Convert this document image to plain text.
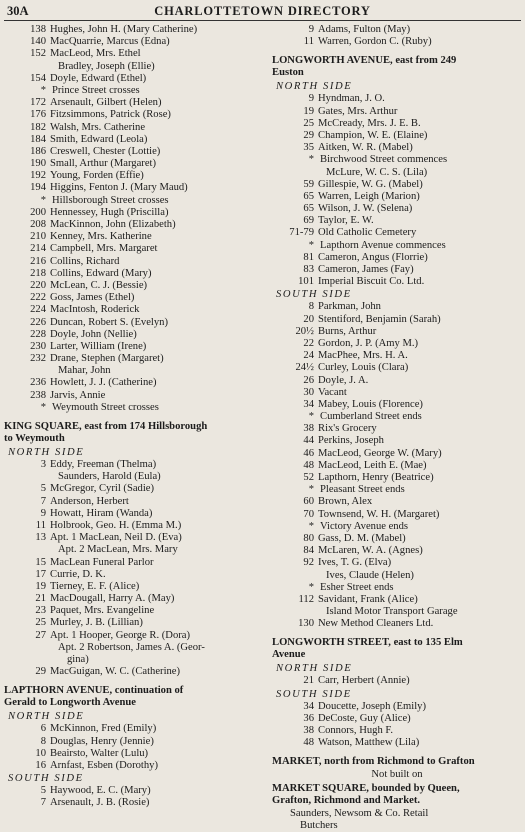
30A	CHARLOTTETOWN DIRECTORY
138 Hughes, John H. (Mary Catherine)
140 MacQuarrie, Marcus (Edna)
152 MacLeod, Mrs. Ethel
Bradley, Joseph (Ellie)
154 Doyle, Edward (Ethel)
* Prince Street crosses
172 Arsenault, Gilbert (Helen)
176 Fitzsimmons, Patrick (Rose)
182 Walsh, Mrs. Catherine
184 Smith, Edward (Leola)
186 Creswell, Chester (Lottie)
190 Small, Arthur (Margaret)
192 Young, Forden (Effie)
194 Higgins, Fenton J. (Mary Maud)
* Hillsborough Street crosses
200 Hennessey, Hugh (Priscilla)
208 MacKinnon, John (Elizabeth)
210 Kenney, Mrs. Katherine
214 Campbell, Mrs. Margaret
216 Collins, Richard
218 Collins, Edward (Mary)
220 McLean, C. J. (Bessie)
222 Goss, James (Ethel)
224 MacIntosh, Roderick
226 Duncan, Robert S. (Evelyn)
228 Doyle, John (Nellie)
230 Larter, William (Irene)
232 Drane, Stephen (Margaret)
Mahar, John
236 Howlett, J. J. (Catherine)
238 Jarvis, Annie
* Weymouth Street crosses
KING SQUARE, east from 174 Hillsborough
to Weymouth
NORTH SIDE
3 Eddy, Freeman (Thelma)
Saunders, Harold (Eula)
5 McGregor, Cyril (Sadie)
7 Anderson, Herbert
9 Howatt, Hiram (Wanda)
11 Holbrook, Geo. H. (Emma M.)
13 Apt. 1 MacLean, Neil D. (Eva)
Apt. 2 MacLean, Mrs. Mary
15 MacLean Funeral Parlor
17 Currie, D. K.
19 Tierney, E. F. (Alice)
21 MacDougall, Harry A. (May)
23 Paquet, Mrs. Evangeline
25 Murley, J. B. (Lillian)
27 Apt. 1 Hooper, George R. (Dora)
Apt. 2 Robertson, James A. (Geor-
gina)
29 MacGuigan, W. C. (Catherine)
LAPTHORN AVENUE, continuation of
Gerald to Longworth Avenue
NORTH SIDE
6 McKinnon, Fred (Emily)
8 Douglas, Henry (Jennie)
10 Beairsto, Walter (Lulu)
16 Arnfast, Esben (Dorothy)
SOUTH SIDE
5 Haywood, E. C. (Mary)
7 Arsenault, J. B. (Rosie)
9 Adams, Fulton (May)
11 Warren, Gordon C. (Ruby)
LONGWORTH AVENUE, east from 249
Euston
NORTH SIDE
9 Hyndman, J. O.
19 Gates, Mrs. Arthur
25 McCready, Mrs. J. E. B.
29 Champion, W. E. (Elaine)
35 Aitken, W. R. (Mabel)
* Birchwood Street commences
McLure, W. C. S. (Lila)
59 Gillespie, W. G. (Mabel)
65 Warren, Leigh (Marion)
65 Wilson, J. W. (Selena)
69 Taylor, E. W.
71-79 Old Catholic Cemetery
* Lapthorn Avenue commences
81 Cameron, Angus (Florrie)
83 Cameron, James (Fay)
101 Imperial Biscuit Co. Ltd.
SOUTH SIDE
8 Parkman, John
20 Stentiford, Benjamin (Sarah)
20½ Burns, Arthur
22 Gordon, J. P. (Amy M.)
24 MacPhee, Mrs. H. A.
24½ Curley, Louis (Clara)
26 Doyle, J. A.
30 Vacant
34 Mabey, Louis (Florence)
* Cumberland Street ends
38 Rix's Grocery
44 Perkins, Joseph
46 MacLeod, George W. (Mary)
48 MacLeod, Leith E. (Mae)
52 Lapthorn, Henry (Beatrice)
* Pleasant Street ends
60 Brown, Alex
70 Townsend, W. H. (Margaret)
* Victory Avenue ends
80 Gass, D. M. (Mabel)
84 McLaren, W. A. (Agnes)
92 Ives, T. G. (Elva)
Ives, Claude (Helen)
* Esher Street ends
112 Savidant, Frank (Alice)
Island Motor Transport Garage
130 New Method Cleaners Ltd.
LONGWORTH STREET, east to 135 Elm
Avenue
NORTH SIDE
21 Carr, Herbert (Annie)
SOUTH SIDE
34 Doucette, Joseph (Emily)
36 DeCoste, Guy (Alice)
38 Connors, Hugh F.
48 Watson, Matthew (Lila)
MARKET, north from Richmond to Grafton
Not built on
MARKET SQUARE, bounded by Queen,
Grafton, Richmond and Market.
Saunders, Newsom & Co. Retail
Butchers
